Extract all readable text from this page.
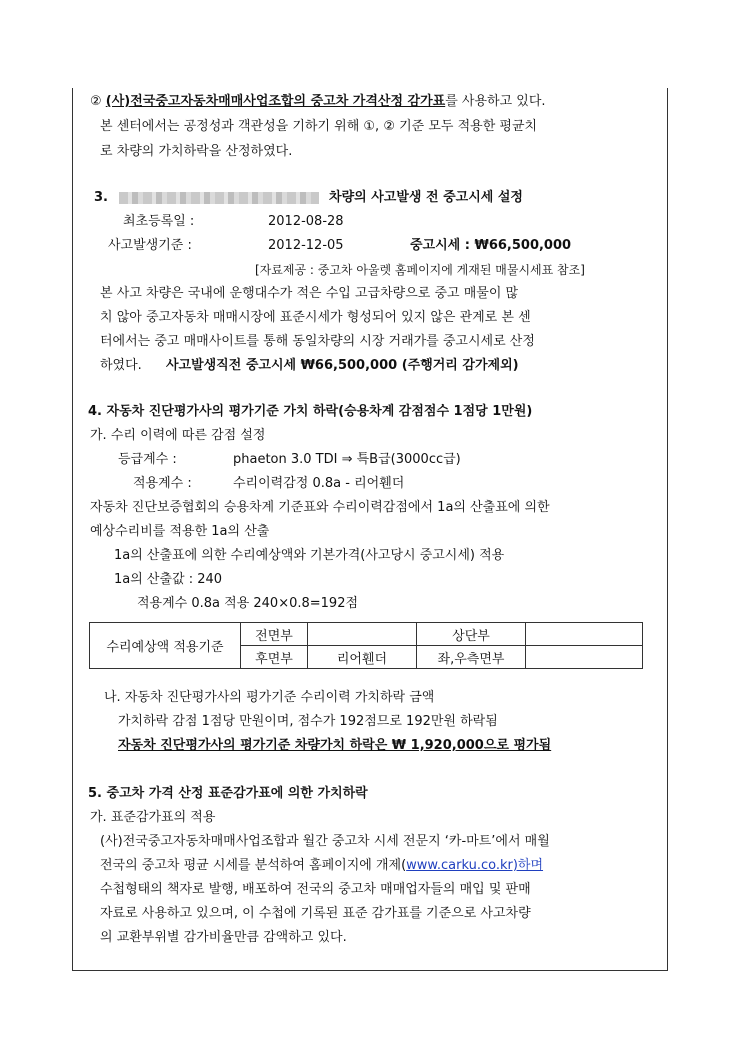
② (사)전국중고자동차매매사업조합의 중고차 가격산정 감가표를 사용하고 있다.
본 센터에서는 공정성과 객관성을 기하기 위해 ①, ② 기준 모두 적용한 평균치
로 차량의 가치하락을 산정하였다.
3.	차량의 사고발생 전 중고시세 설정
최초등록일 :	2012-08-28
사고발생기준 :	2012-12-05	중고시세 : ₩66,500,000
[자료제공 : 중고차 아울렛 홈페이지에 게재된 매물시세표 참조]
본 사고 차량은 국내에 운행대수가 적은 수입 고급차량으로 중고 매물이 많
치 않아 중고자동차 매매시장에 표준시세가 형성되어 있지 않은 관계로 본 센
터에서는 중고 매매사이트를 통해 동일차량의 시장 거래가를 중고시세로 산정
하였다. 사고발생직전 중고시세 ₩66,500,000 (주행거리 감가제외)
4. 자동차 진단평가사의 평가기준 가치 하락(승용차계 감점점수 1점당 1만원)
가. 수리 이력에 따른 감점 설정
등급계수 :	phaeton 3.0 TDI ⇒ 특B급(3000cc급)
적용계수 :	수리이력감정 0.8a - 리어휀더
자동차 진단보증협회의 승용차계 기준표와 수리이력감점에서 1a의 산출표에 의한
예상수리비를 적용한 1a의 산출
1a의 산출표에 의한 수리예상액와 기본가격(사고당시 중고시세) 적용
1a의 산출값 : 240
적용계수 0.8a 적용 240×0.8=192점
수리예상액 적용기준	전면부		상단부	
	후면부	리어휀더	좌,우측면부	
나. 자동차 진단평가사의 평가기준 수리이력 가치하락 금액
가치하락 감점 1점당 만원이며, 점수가 192점므로 192만원 하락됨
자동차 진단평가사의 평가기준 차량가치 하락은 ₩ 1,920,000으로 평가됨
5. 중고차 가격 산정 표준감가표에 의한 가치하락
가. 표준감가표의 적용
(사)전국중고자동차매매사업조합과 월간 중고차 시세 전문지 ‘카-마트’에서 매월
전국의 중고차 평균 시세를 분석하여 홈페이지에 개제(www.carku.co.kr)하며
수첩형태의 책자로 발행, 배포하여 전국의 중고차 매매업자들의 매입 및 판매
자료로 사용하고 있으며, 이 수첩에 기록된 표준 감가표를 기준으로 사고차량
의 교환부위별 감가비율만큼 감액하고 있다.
